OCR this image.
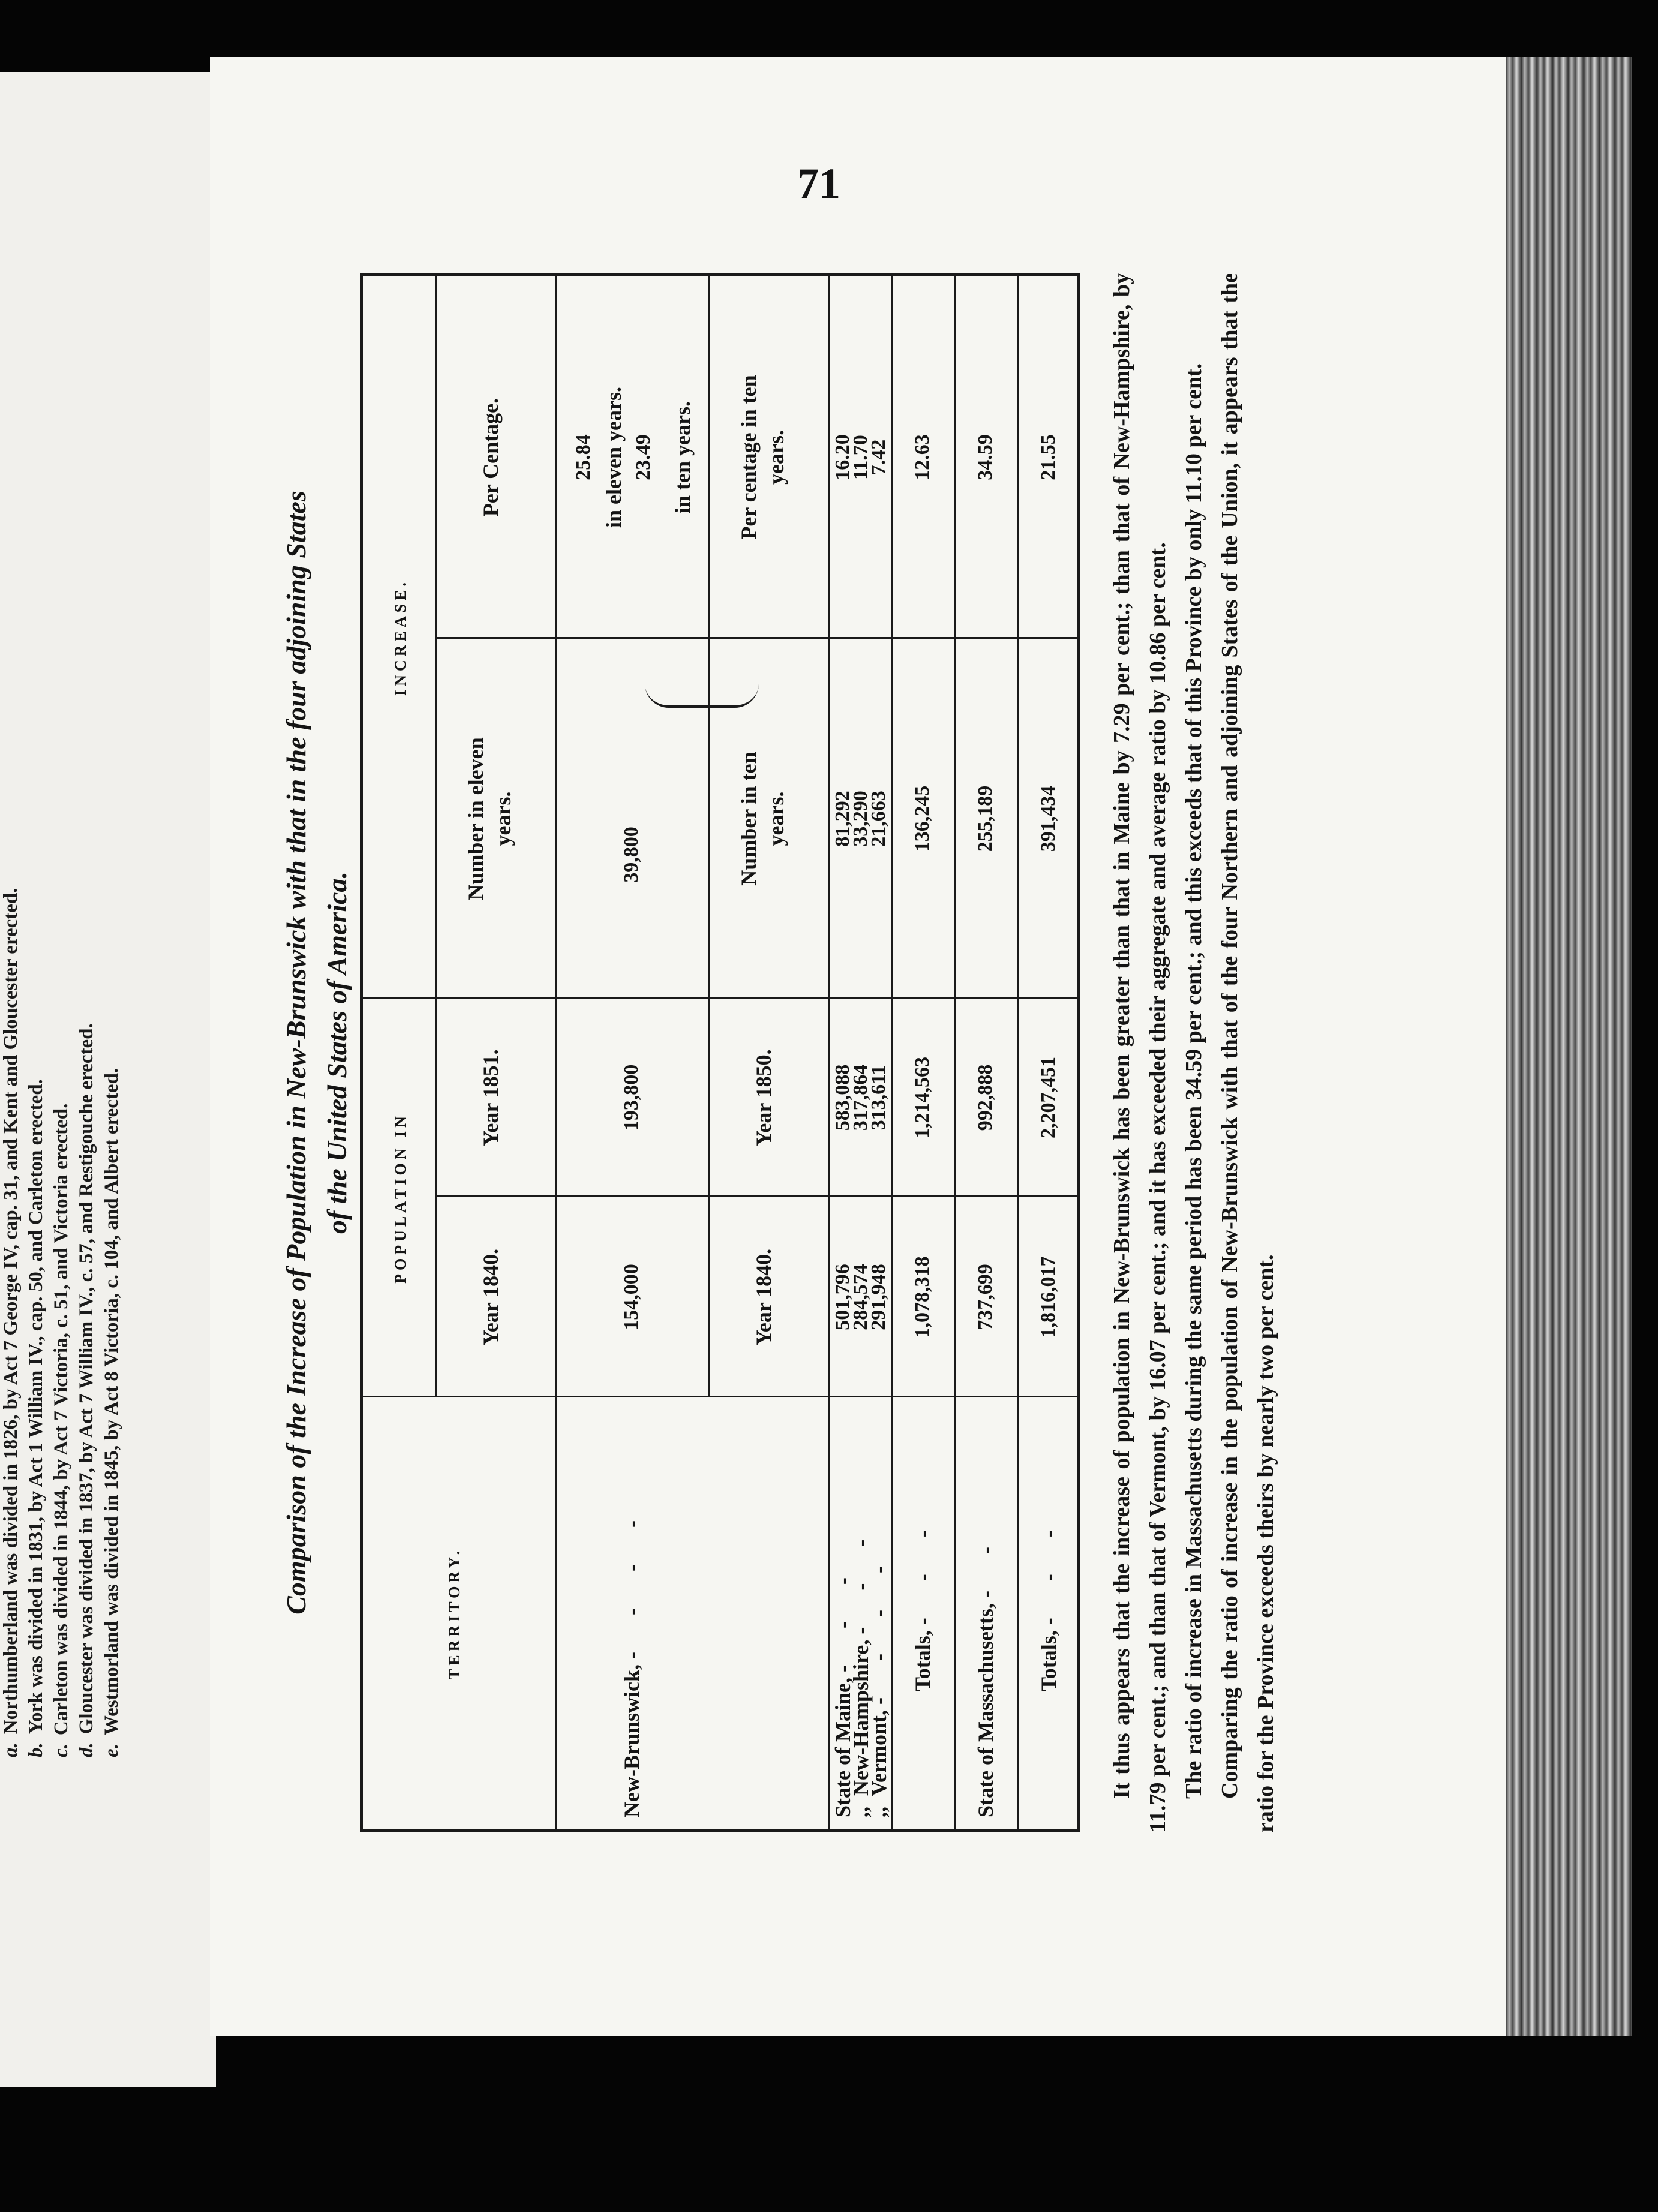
a.Northumberland was divided in 1826, by Act 7 George IV, cap. 31, and Kent and Gloucester erected.
b.York was divided in 1831, by Act 1 William IV., cap. 50, and Carleton erected.
c.Carleton was divided in 1844, by Act 7 Victoria, c. 51, and Victoria erected.
d.Gloucester was divided in 1837, by Act 7 William IV., c. 57, and Restigouche erected.
e.Westmorland was divided in 1845, by Act 8 Victoria, c. 104, and Albert erected.
71
Comparison of the Increase of Population in New-Brunswick with that in the four adjoining States of the United States of America.
TERRITORY.
POPULATION IN
INCREASE.
Year 1840.
Year 1851.
Number in eleven years.
Per Centage.
New-Brunswick, - - - -
154,000
193,800
39,800
25.84 in eleven years. 23.49 in ten years.
Year 1840.
Year 1850.
Number in ten years.
Per centage in ten years.
State of Maine, - - -
,,  New-Hampshire, - - -
,,  Vermont, - - - -
501,796
284,574
291,948
583,088
317,864
313,611
81,292
33,290
21,663
16.20
11.70
7.42
Totals, - - -
1,078,318
1,214,563
136,245
12.63
State of Massachusetts, - -
737,699
992,888
255,189
34.59
Totals, - - -
1,816,017
2,207,451
391,434
21.55 It thus appears that the increase of population in New-Brunswick has been greater than that in Maine by 7.29 per cent.; than that of New-Hampshire, by 11.79 per cent.; and than that of Vermont, by 16.07 per cent.; and it has exceeded their aggregate and average ratio by 10.86 per cent. The ratio of increase in Massachusetts during the same period has been 34.59 per cent.; and this exceeds that of this Province by only 11.10 per cent. Comparing the ratio of increase in the population of New-Brunswick with that of the four Northern and adjoining States of the Union, it appears that the ratio for the Province exceeds theirs by nearly two per cent.
